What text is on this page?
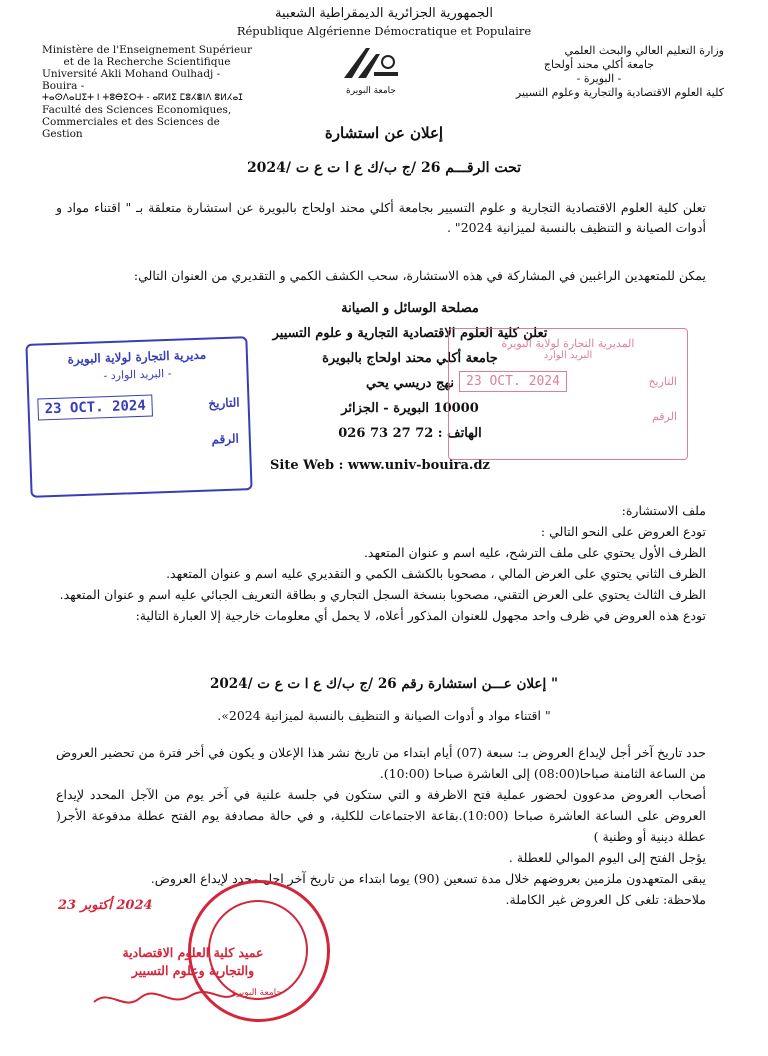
الجمهورية الجزائرية الديمقراطية الشعبية
République Algérienne Démocratique et Populaire
Ministère de l'Enseignement Supérieur
et de la Recherche Scientifique
Université Akli Mohand Oulhadj - Bouira -
ⵜⴰⵙⴷⴰⵡⵉⵜ ⵏ ⵜⵓⴱⵉⵔⵜ - ⴰⴽⵍⵉ ⵎⵓⵃⴻⵏⴷ ⵓⵍⵃⴰⵊ
Faculté des Sciences Economiques,
Commerciales et des Sciences de Gestion
جامعة البويرة
وزارة التعليم العالي والبحث العلمي
جامعة أكلي محند أولحاج
- البويرة -
كلية العلوم الاقتصادية والتجارية وعلوم التسيير
إعلان عن استشارة
تحت الرقـــم 26 /ج ب/ك ع ا ت ع ت /2024
تعلن كلية العلوم الاقتصادية التجارية و علوم التسيير بجامعة أكلي محند اولحاج بالبويرة عن استشارة متعلقة بـ " اقتناء مواد و أدوات الصيانة و التنظيف بالنسبة لميزانية 2024" .
يمكن للمتعهدين الراغبين في المشاركة في هذه الاستشارة، سحب الكشف الكمي و التقديري من العنوان التالي:
مصلحة الوسائل و الصيانة
تعلن كلية العلوم الاقتصادية التجارية و علوم التسيير
جامعة أكلي محند اولحاج بالبويرة
نهج دريسي يحي
10000 البويرة - الجزائر
الهاتف : 72 27 73 026
Site Web : www.univ-bouira.dz
مديرية التجارة لولاية البويرة
- البريد الوارد -
23 OCT. 2024	التاريخ
الرقم
المديرية التجارة لولاية البويرة
البريد الوارد
23 OCT. 2024	التاريخ
الرقم
ملف الاستشارة:
تودع العروض على النحو التالي :
الظرف الأول يحتوي على ملف الترشح، عليه اسم و عنوان المتعهد.
الظرف الثاني يحتوي على العرض المالي ، مصحوبا بالكشف الكمي و التقديري عليه اسم و عنوان المتعهد.
الظرف الثالث يحتوي على العرض التقني، مصحوبا بنسخة السجل التجاري و بطاقة التعريف الجبائي عليه اسم و عنوان المتعهد.
تودع هذه العروض في ظرف واحد مجهول للعنوان المذكور أعلاه، لا يحمل أي معلومات خارجية إلا العبارة التالية:
" إعلان عـــن استشارة رقم 26 /ج ب/ك ع ا ت ع ت /2024
" اقتناء مواد و أدوات الصيانة و التنظيف بالنسبة لميزانية 2024».
حدد تاريخ آخر أجل لإيداع العروض بـ: سبعة (07) أيام ابتداء من تاريخ نشر هذا الإعلان و يكون في أخر فترة من تحضير العروض من الساعة الثامنة صباحا(08:00) إلى العاشرة صباحا (10:00).
أصحاب العروض مدعوون لحضور عملية فتح الاظرفة و التي ستكون في جلسة علنية في آخر يوم من الآجل المحدد لإيداع العروض على الساعة العاشرة صباحا (10:00).بقاعة الاجتماعات للكلية، و في حالة مصادفة يوم الفتح عطلة مدفوعة الأجر( عطلة دينية أو وطنية )
يؤجل الفتح إلى اليوم الموالي للعطلة .
يبقى المتعهدون ملزمين بعروضهم خلال مدة تسعين (90) يوما ابتداء من تاريخ آخر اجل محدد لإيداع العروض.
ملاحظة: تلغى كل العروض غير الكاملة.
2024 أكتوبر 23
جامعة البويرة
عميد كلية العلوم الاقتصادية
والتجارية وعلوم التسيير
